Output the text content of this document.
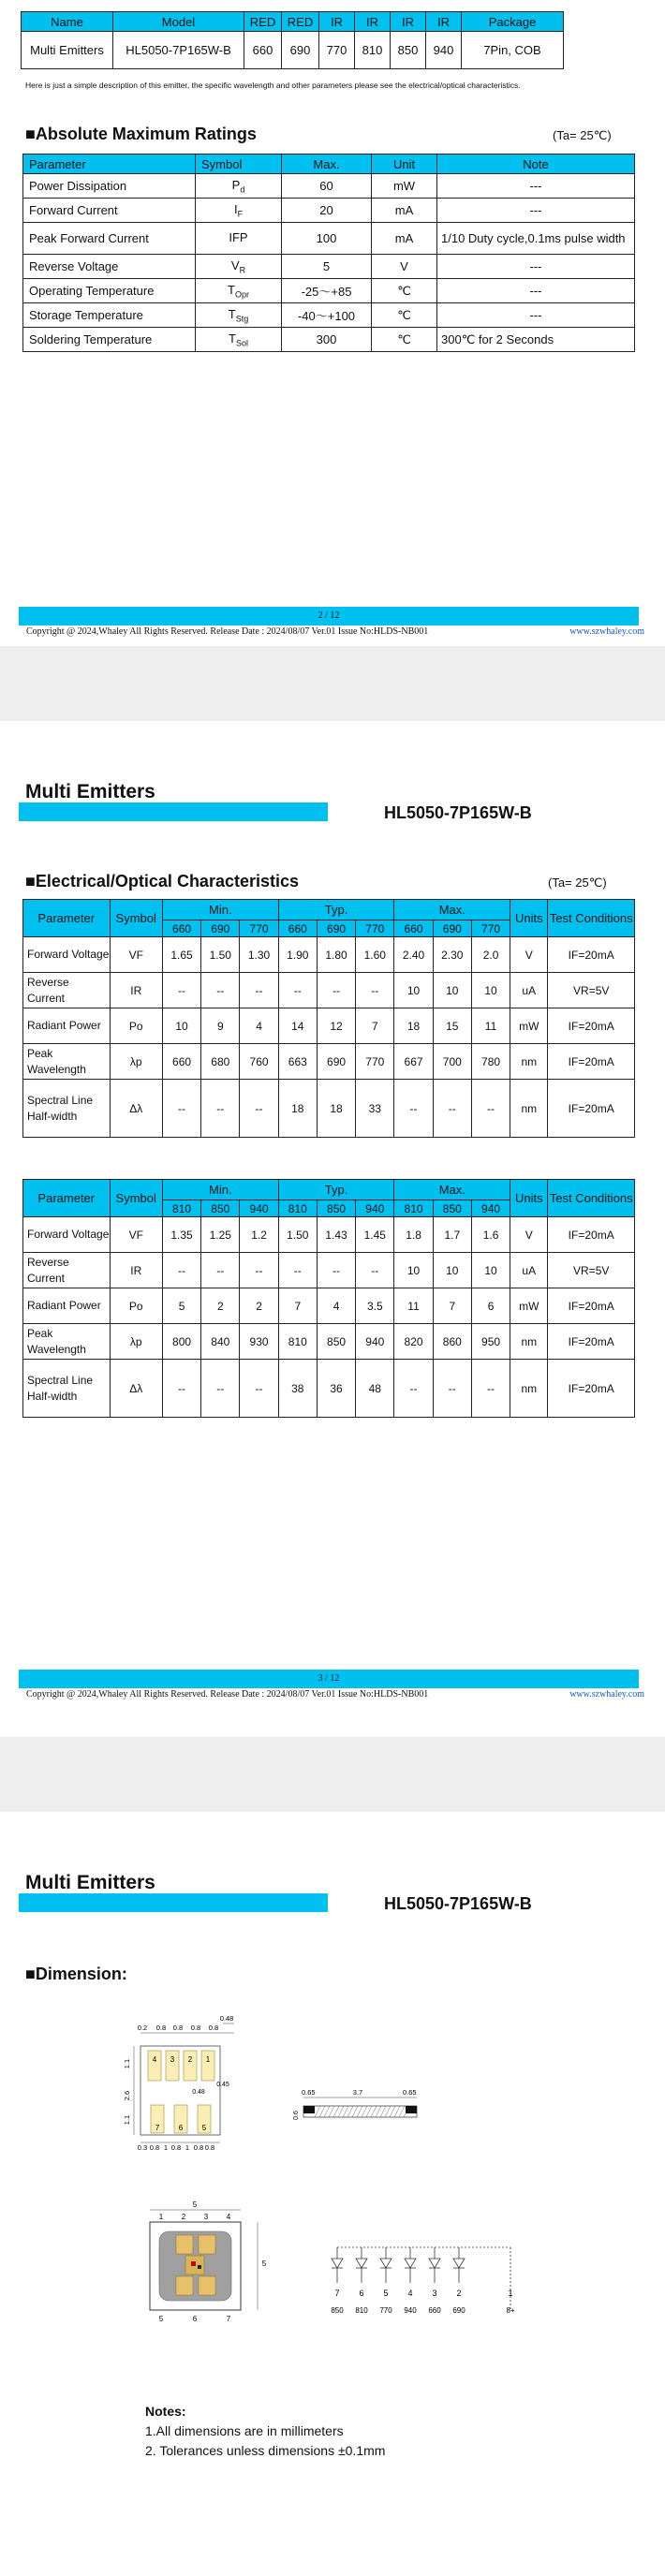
Name	Model	RED	RED	IR	IR	IR	IR	Package
Multi Emitters	HL5050-7P165W-B	660	690	770	810	850	940	7Pin, COB
Here is just a simple description of this emitter, the specific wavelength and other parameters please see the electrical/optical characteristics.
■Absolute Maximum Ratings	(Ta= 25℃)
Parameter	Symbol	Max.	Unit	Note
Power Dissipation	$P_d$	60	mW	---
Forward Current	$I_F$	20	mA	---
Peak Forward Current	IFP	100	mA	1/10 Duty cycle,0.1ms pulse width
Reverse Voltage	$V_R$	5	V	---
Operating Temperature	$T_{Opr}$	-25～+85	℃	---
Storage Temperature	$T_{Stg}$	-40～+100	℃	---
Soldering Temperature	$T_{Sol}$	300	℃	300℃ for 2 Seconds
2 / 12
Copyright @ 2024,Whaley All Rights Reserved. Release Date : 2024/08/07 Ver.01 Issue No:HLDS-NB001	www.szwhaley.com
Multi Emitters
HL5050-7P165W-B
■Electrical/Optical Characteristics	(Ta= 25℃)
Parameter	Symbol	Min.			Typ.			Max.			Units	Test Conditions
		660	690	770	660	690	770	660	690	770		
Forward Voltage	VF	1.65	1.50	1.30	1.90	1.80	1.60	2.40	2.30	2.0	V	IF=20mA
Reverse Current	IR	--	--	--	--	--	--	10	10	10	uA	VR=5V
Radiant Power	Po	10	9	4	14	12	7	18	15	11	mW	IF=20mA
Peak Wavelength	λp	660	680	760	663	690	770	667	700	780	nm	IF=20mA
Spectral Line Half-width	Δλ	--	--	--	18	18	33	--	--	--	nm	IF=20mA
Parameter	Symbol	Min.			Typ.			Max.			Units	Test Conditions
		810	850	940	810	850	940	810	850	940		
Forward Voltage	VF	1.35	1.25	1.2	1.50	1.43	1.45	1.8	1.7	1.6	V	IF=20mA
Reverse Current	IR	--	--	--	--	--	--	10	10	10	uA	VR=5V
Radiant Power	Po	5	2	2	7	4	3.5	11	7	6	mW	IF=20mA
Peak Wavelength	λp	800	840	930	810	850	940	820	860	950	nm	IF=20mA
Spectral Line Half-width	Δλ	--	--	--	38	36	48	--	--	--	nm	IF=20mA
3 / 12
Copyright @ 2024,Whaley All Rights Reserved. Release Date : 2024/08/07 Ver.01 Issue No:HLDS-NB001	www.szwhaley.com
Multi Emitters
HL5050-7P165W-B
■Dimension:
4 3 2 1
7	6	5
0.2 0.8 0.8 0.8 0.8
0.48
0.48
0.45
1.1
2.6
1.1
0.3 0.8 1 0.8 1 0.8 0.8
0.65	3.7	0.65
0.6
5
5
1 2 3 4
5	6	7
7
850
6
810
5
770
4
940
3
660
2
690
1
8+
Notes:
1.All dimensions are in millimeters
2. Tolerances unless dimensions ±0.1mm
